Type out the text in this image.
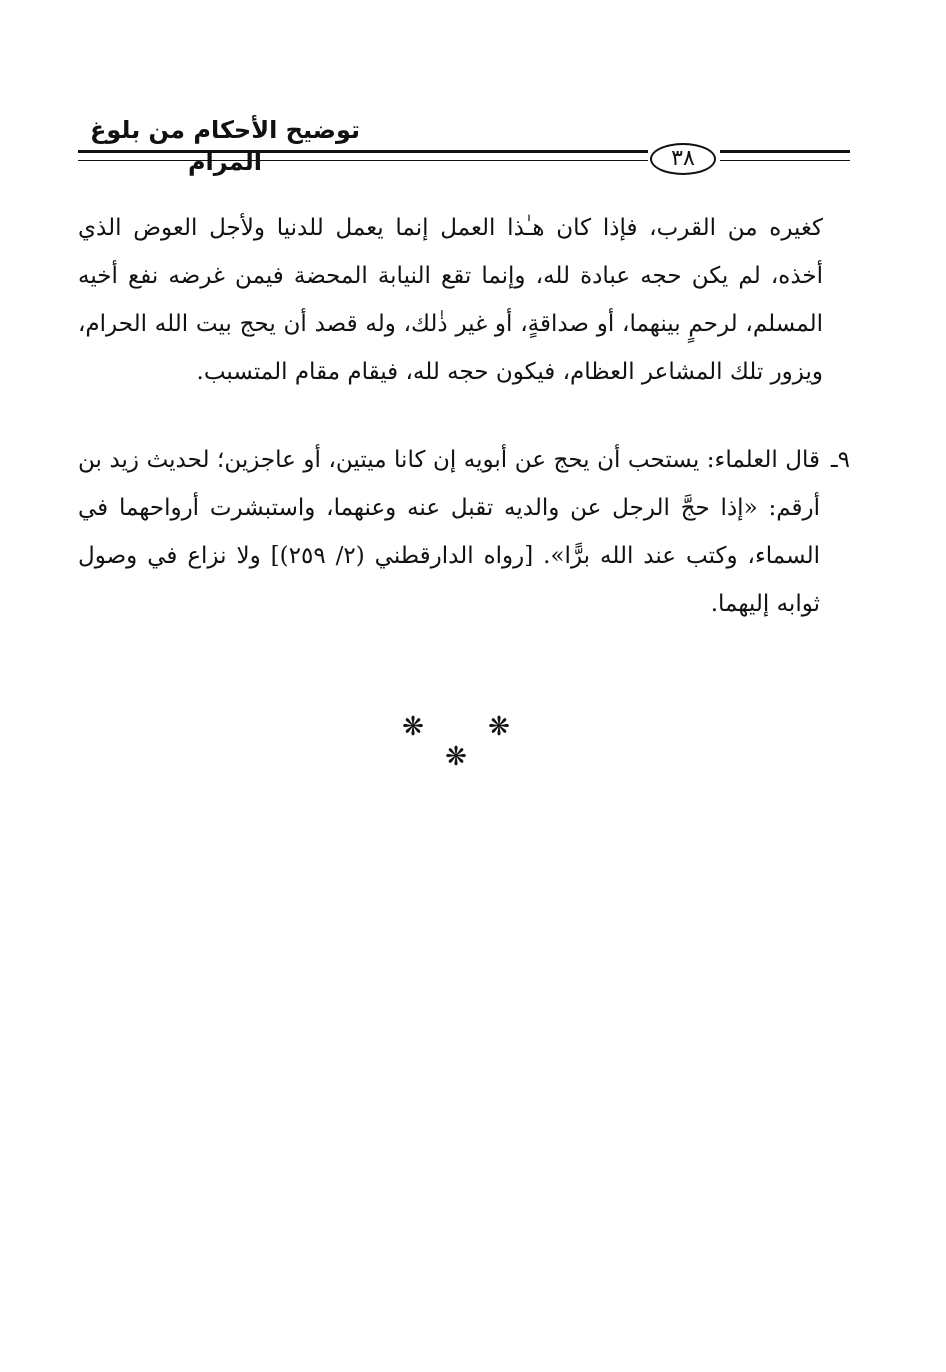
توضيح الأحكام من بلوغ المرام	٣٨

كغيره من القرب، فإذا كان هـٰذا العمل إنما يعمل للدنيا ولأجل العوض الذي أخذه، لم يكن حجه عبادة لله، وإنما تقع النيابة المحضة فيمن غرضه نفع أخيه المسلم، لرحمٍ بينهما، أو صداقةٍ، أو غير ذٰلك، وله قصد أن يحج بيت الله الحرام، ويزور تلك المشاعر العظام، فيكون حجه لله، فيقام مقام المتسبب.

٩ـ

قال العلماء: يستحب أن يحج عن أبويه إن كانا ميتين، أو عاجزين؛ لحديث زيد بن أرقم: «إذا حجَّ الرجل عن والديه تقبل عنه وعنهما، واستبشرت أرواحهما في السماء، وكتب عند الله برًّا». [رواه الدارقطني (٢/ ٢٥٩)] ولا نزاع في وصول ثوابه إليهما.

❋ ❋ ❋
